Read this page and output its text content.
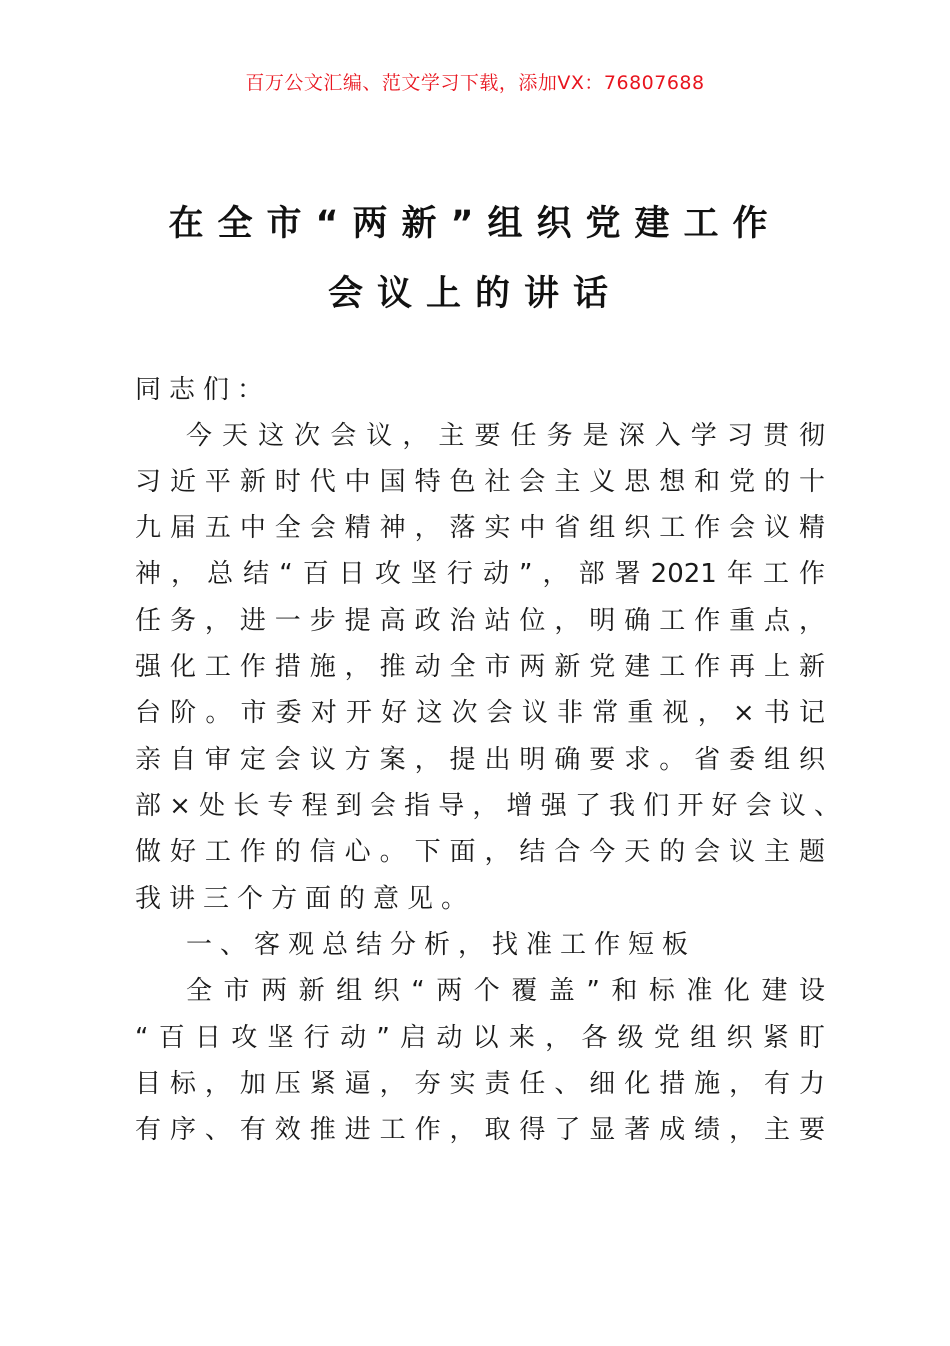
百万公文汇编、范文学习下载，添加VX：76807688
在全市“两新”组织党建工作
会议上的讲话
同志们：
今天这次会议，主要任务是深入学习贯彻
习近平新时代中国特色社会主义思想和党的十
九届五中全会精神，落实中省组织工作会议精
神，总结“百日攻坚行动”，部署2021年工作
任务，进一步提高政治站位，明确工作重点，
强化工作措施，推动全市两新党建工作再上新
台阶。市委对开好这次会议非常重视，×书记
亲自审定会议方案，提出明确要求。省委组织
部×处长专程到会指导，增强了我们开好会议、
做好工作的信心。下面，结合今天的会议主题
我讲三个方面的意见。
一、客观总结分析，找准工作短板
全市两新组织“两个覆盖”和标准化建设
“百日攻坚行动”启动以来，各级党组织紧盯
目标，加压紧逼，夯实责任、细化措施，有力
有序、有效推进工作，取得了显著成绩，主要
